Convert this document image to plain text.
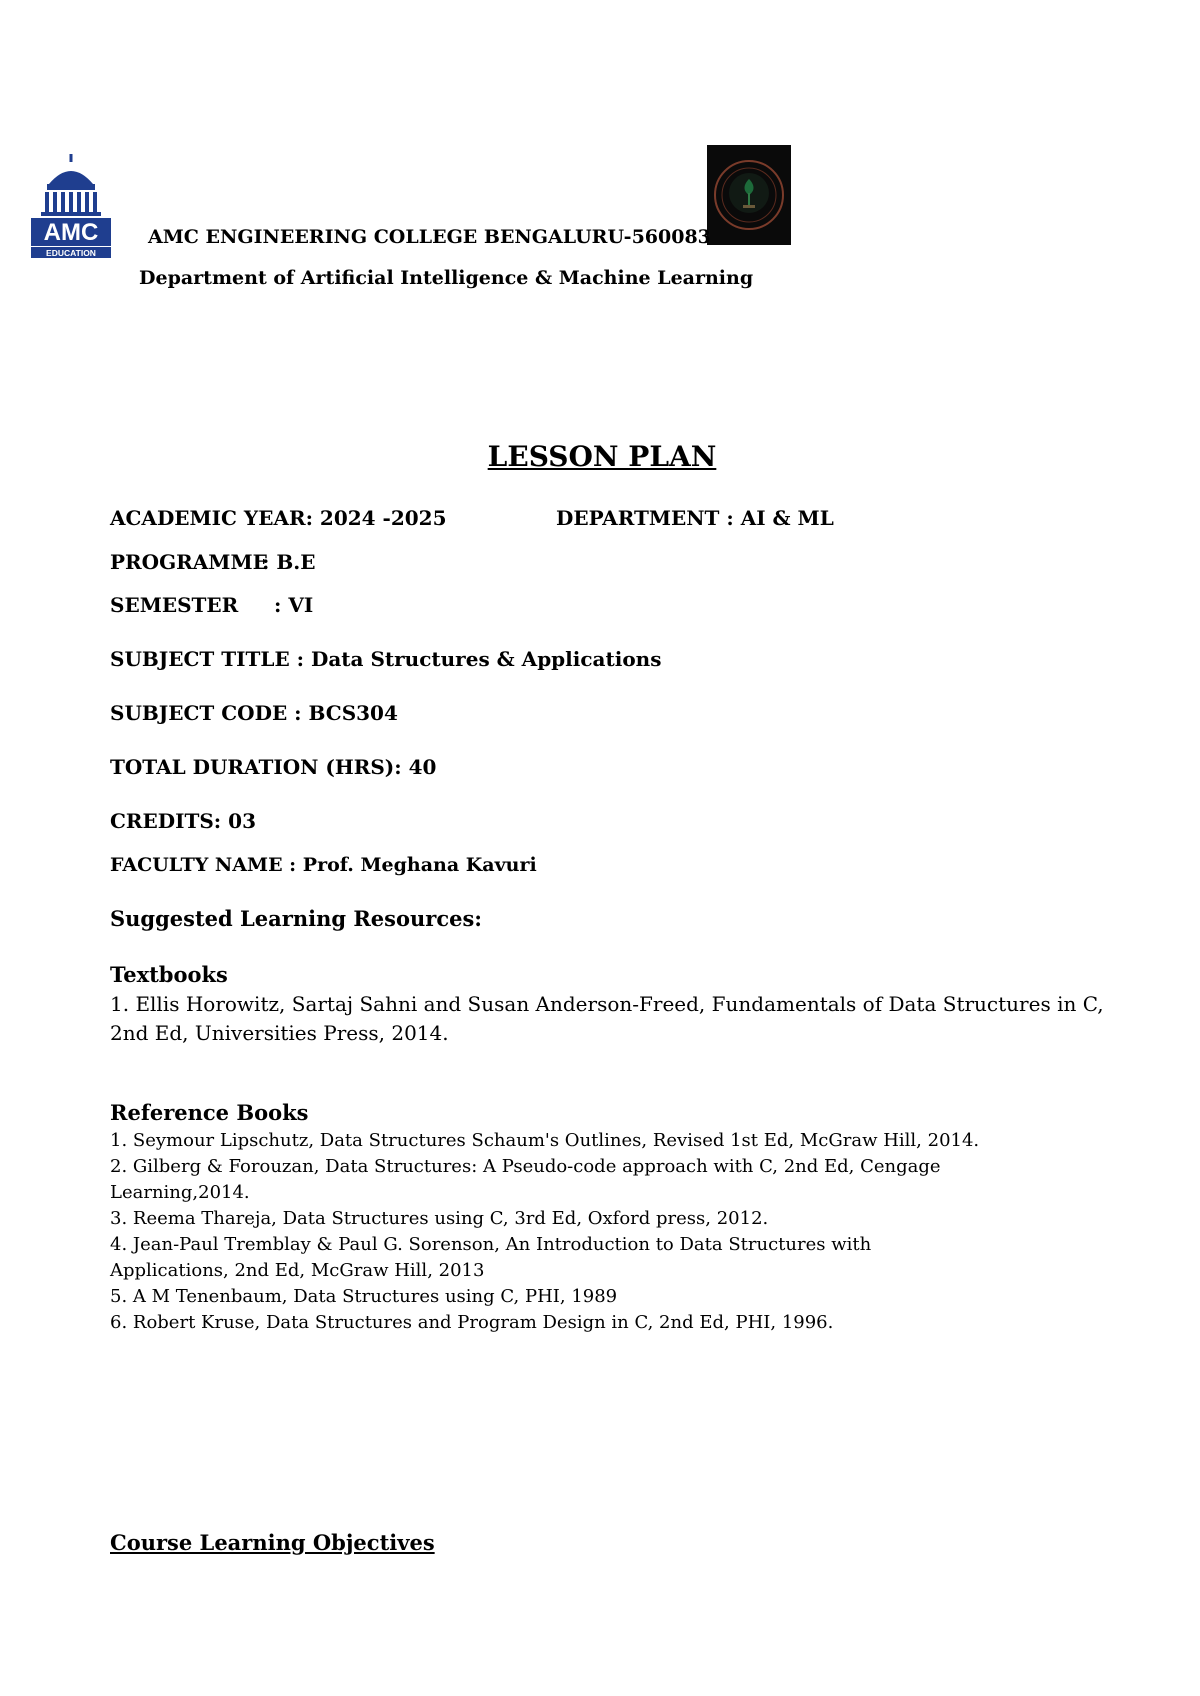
AMC
EDUCATION
AMC ENGINEERING COLLEGE BENGALURU-560083
Department of Artificial Intelligence & Machine Learning
LESSON PLAN
ACADEMIC YEAR: 2024 -2025	DEPARTMENT : AI & ML
PROGRAMME: B.E
SEMESTER : VI
SUBJECT TITLE : Data Structures & Applications
SUBJECT CODE : BCS304
TOTAL DURATION (HRS): 40
CREDITS: 03
FACULTY NAME : Prof. Meghana Kavuri
Suggested Learning Resources:
Textbooks
1. Ellis Horowitz, Sartaj Sahni and Susan Anderson-Freed, Fundamentals of Data Structures in C, 2nd Ed, Universities Press, 2014.
Reference Books
1. Seymour Lipschutz, Data Structures Schaum's Outlines, Revised 1st Ed, McGraw Hill, 2014.
2. Gilberg & Forouzan, Data Structures: A Pseudo-code approach with C, 2nd Ed, Cengage Learning,2014.
3. Reema Thareja, Data Structures using C, 3rd Ed, Oxford press, 2012.
4. Jean-Paul Tremblay & Paul G. Sorenson, An Introduction to Data Structures with Applications, 2nd Ed, McGraw Hill, 2013
5. A M Tenenbaum, Data Structures using C, PHI, 1989
6. Robert Kruse, Data Structures and Program Design in C, 2nd Ed, PHI, 1996.
Course Learning Objectives
